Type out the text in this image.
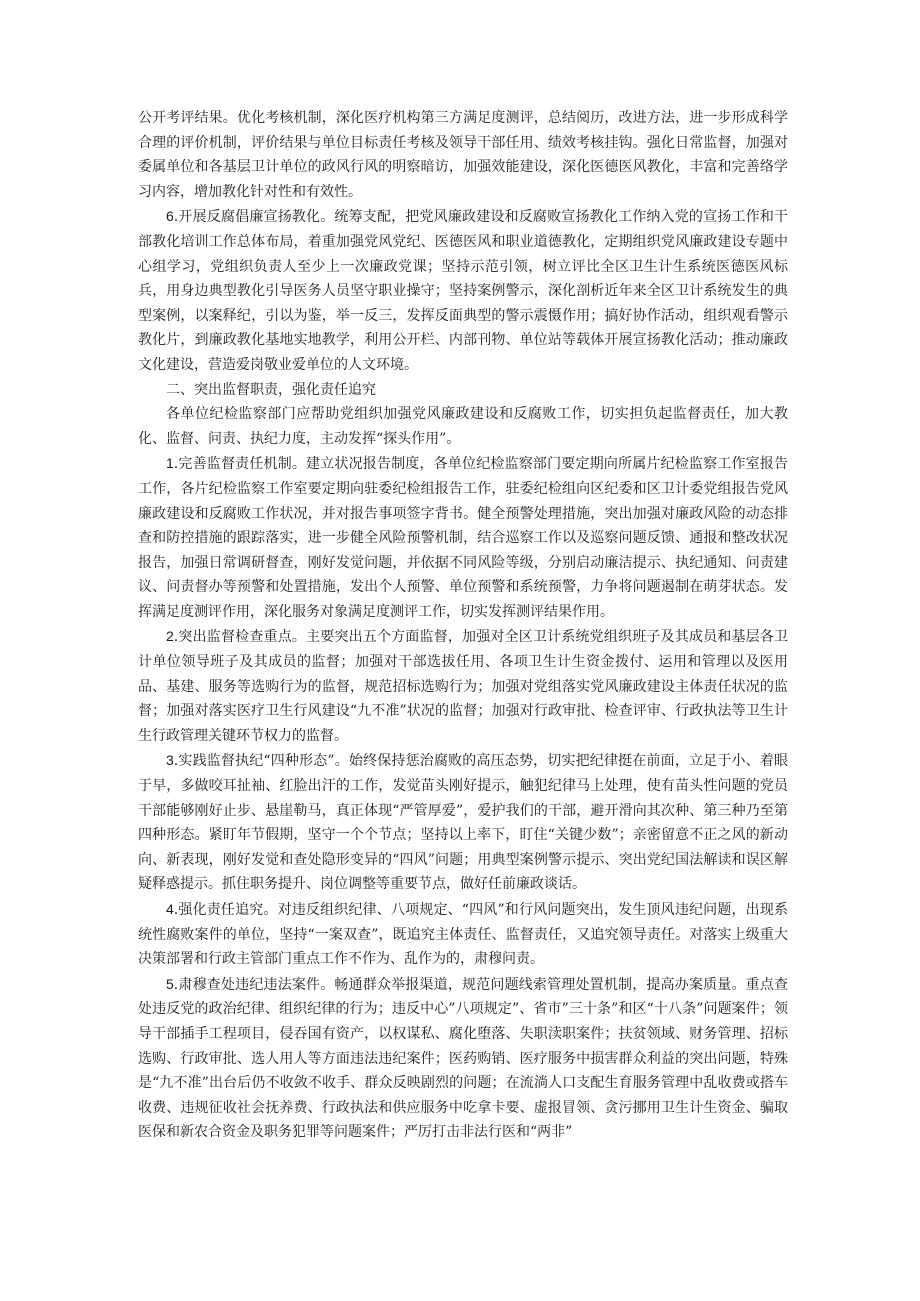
公开考评结果。优化考核机制，深化医疗机构第三方满足度测评，总结阅历，改进方法，进一步形成科学合理的评价机制，评价结果与单位目标责任考核及领导干部任用、绩效考核挂钩。强化日常监督，加强对委属单位和各基层卫计单位的政风行风的明察暗访，加强效能建设，深化医德医风教化，丰富和完善络学习内容，增加教化针对性和有效性。

6.开展反腐倡廉宣扬教化。统筹支配，把党风廉政建设和反腐败宣扬教化工作纳入党的宣扬工作和干部教化培训工作总体布局，着重加强党风党纪、医德医风和职业道德教化，定期组织党风廉政建设专题中心组学习，党组织负责人至少上一次廉政党课；坚持示范引领，树立评比全区卫生计生系统医德医风标兵，用身边典型教化引导医务人员坚守职业操守；坚持案例警示，深化剖析近年来全区卫计系统发生的典型案例，以案释纪，引以为鉴，举一反三，发挥反面典型的警示震慑作用；搞好协作活动，组织观看警示教化片，到廉政教化基地实地教学，利用公开栏、内部刊物、单位站等载体开展宣扬教化活动；推动廉政文化建设，营造爱岗敬业爱单位的人文环境。

二、突出监督职责，强化责任追究

各单位纪检监察部门应帮助党组织加强党风廉政建设和反腐败工作，切实担负起监督责任，加大教化、监督、问责、执纪力度，主动发挥“探头作用”。

1.完善监督责任机制。建立状况报告制度，各单位纪检监察部门要定期向所属片纪检监察工作室报告工作，各片纪检监察工作室要定期向驻委纪检组报告工作，驻委纪检组向区纪委和区卫计委党组报告党风廉政建设和反腐败工作状况，并对报告事项签字背书。健全预警处理措施，突出加强对廉政风险的动态排查和防控措施的跟踪落实，进一步健全风险预警机制，结合巡察工作以及巡察问题反馈、通报和整改状况报告，加强日常调研督查，刚好发觉问题，并依据不同风险等级，分别启动廉洁提示、执纪通知、问责建议、问责督办等预警和处置措施，发出个人预警、单位预警和系统预警，力争将问题遏制在萌芽状态。发挥满足度测评作用，深化服务对象满足度测评工作，切实发挥测评结果作用。

2.突出监督检查重点。主要突出五个方面监督，加强对全区卫计系统党组织班子及其成员和基层各卫计单位领导班子及其成员的监督；加强对干部选拔任用、各项卫生计生资金拨付、运用和管理以及医用品、基建、服务等选购行为的监督，规范招标选购行为；加强对党组落实党风廉政建设主体责任状况的监督；加强对落实医疗卫生行风建设“九不准”状况的监督；加强对行政审批、检查评审、行政执法等卫生计生行政管理关键环节权力的监督。

3.实践监督执纪“四种形态”。始终保持惩治腐败的高压态势，切实把纪律挺在前面，立足于小、着眼于早，多做咬耳扯袖、红脸出汗的工作，发觉苗头刚好提示，触犯纪律马上处理，使有苗头性问题的党员干部能够刚好止步、悬崖勒马，真正体现“严管厚爱”，爱护我们的干部，避开滑向其次种、第三种乃至第四种形态。紧盯年节假期，坚守一个个节点；坚持以上率下，盯住“关键少数”；亲密留意不正之风的新动向、新表现，刚好发觉和查处隐形变异的“四风”问题；用典型案例警示提示、突出党纪国法解读和误区解疑释惑提示。抓住职务提升、岗位调整等重要节点，做好任前廉政谈话。

4.强化责任追究。对违反组织纪律、八项规定、“四风”和行风问题突出，发生顶风违纪问题，出现系统性腐败案件的单位，坚持“一案双查”，既追究主体责任、监督责任，又追究领导责任。对落实上级重大决策部署和行政主管部门重点工作不作为、乱作为的，肃穆问责。

5.肃穆查处违纪违法案件。畅通群众举报渠道，规范问题线索管理处置机制，提高办案质量。重点查处违反党的政治纪律、组织纪律的行为；违反中心”八项规定”、省市”三十条”和区“十八条”问题案件；领导干部插手工程项目，侵吞国有资产，以权谋私、腐化堕落、失职渎职案件；扶贫领域、财务管理、招标选购、行政审批、选人用人等方面违法违纪案件；医药购销、医疗服务中损害群众利益的突出问题，特殊是“九不准”出台后仍不收敛不收手、群众反映剧烈的问题；在流淌人口支配生育服务管理中乱收费或搭车收费、违规征收社会抚养费、行政执法和供应服务中吃拿卡要、虚报冒领、贪污挪用卫生计生资金、骗取医保和新农合资金及职务犯罪等问题案件；严厉打击非法行医和“两非”
